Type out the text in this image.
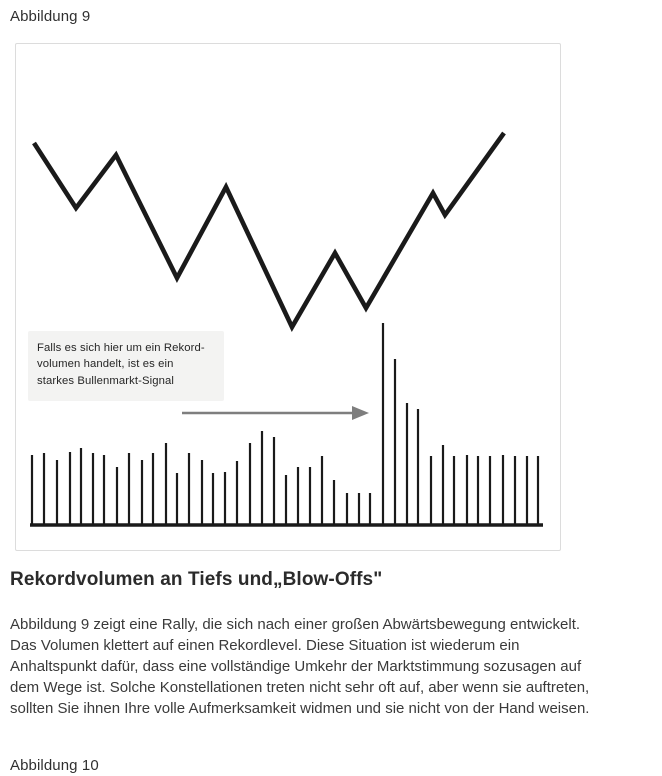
Abbildung 9
Falls es sich hier um ein Rekord-
volumen handelt, ist es ein
starkes Bullenmarkt-Signal
Rekordvolumen an Tiefs und„Blow-Offs"

Abbildung 9 zeigt eine Rally, die sich nach einer großen Abwärtsbewegung entwickelt. Das Volumen klettert auf einen Rekordlevel. Diese Situation ist wiederum ein Anhaltspunkt dafür, dass eine vollständige Umkehr der Marktstimmung sozusagen auf dem Wege ist. Solche Konstellationen treten nicht sehr oft auf, aber wenn sie auftreten, sollten Sie ihnen Ihre volle Aufmerksamkeit widmen und sie nicht von der Hand weisen.

Abbildung 10
